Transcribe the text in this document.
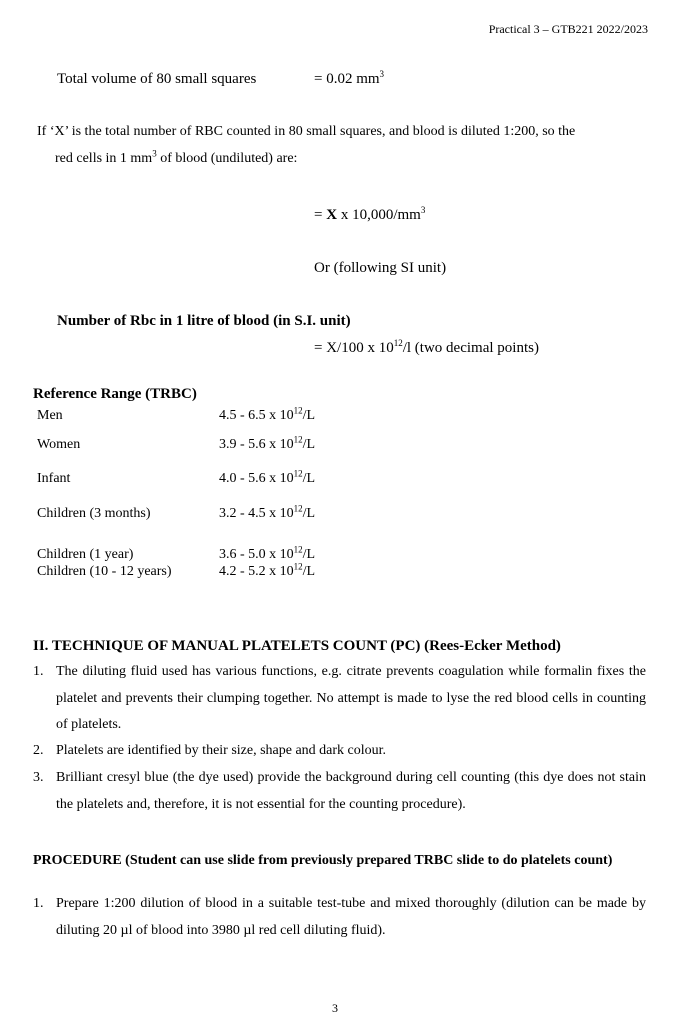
Practical 3 – GTB221 2022/2023
Total volume of 80 small squares	= 0.02 $mm^3$
If ‘X’ is the total number of RBC counted in 80 small squares, and blood is diluted 1:200, so the
red cells in 1 $mm^3$ of blood (undiluted) are:
= X x $10,000/mm^3$
Or (following SI unit)
Number of Rbc in 1 litre of blood (in S.I. unit)
= X/100 x $10^{12}/l$ (two decimal points)
Reference Range (TRBC)
Men	4.5 - 6.5 x $10^{12}/L$
Women	3.9 - 5.6 x $10^{12}/L$
Infant	4.0 - 5.6 x $10^{12}/L$
Children (3 months)	3.2 - 4.5 x $10^{12}/L$
Children (1 year)	3.6 - 5.0 x $10^{12}/L$
Children (10 - 12 years)	4.2 - 5.2 x $10^{12}/L$
II. TECHNIQUE OF MANUAL PLATELETS COUNT (PC) (Rees-Ecker Method)
1. The diluting fluid used has various functions, e.g. citrate prevents coagulation while formalin fixes the platelet and prevents their clumping together. No attempt is made to lyse the red blood cells in counting of platelets.
2. Platelets are identified by their size, shape and dark colour.
3. Brilliant cresyl blue (the dye used) provide the background during cell counting (this dye does not stain the platelets and, therefore, it is not essential for the counting procedure).
PROCEDURE (Student can use slide from previously prepared TRBC slide to do platelets count)
1. Prepare 1:200 dilution of blood in a suitable test-tube and mixed thoroughly (dilution can be made by diluting 20 µl of blood into 3980 µl red cell diluting fluid).
3
